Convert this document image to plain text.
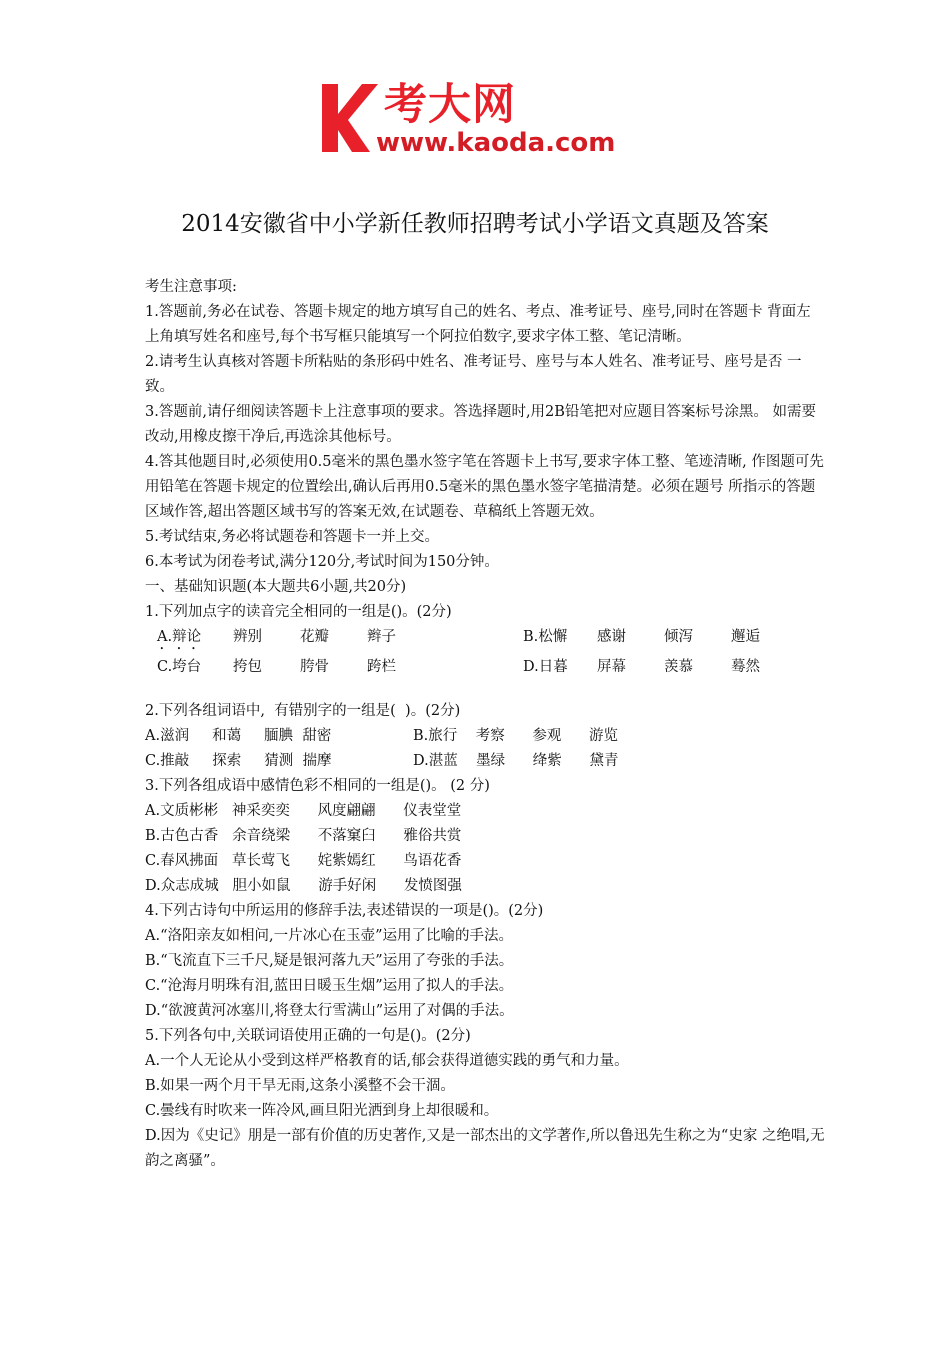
考大网
www.kaoda.com
2014安徽省中小学新任教师招聘考试小学语文真题及答案
考生注意事项:
1.答题前,务必在试卷、答题卡规定的地方填写自己的姓名、考点、准考证号、座号,同时在答题卡 背面左上角填写姓名和座号,每个书写框只能填写一个阿拉伯数字,要求字体工整、笔记清晰。
2.请考生认真核对答题卡所粘贴的条形码中姓名、准考证号、座号与本人姓名、准考证号、座号是否 一致。
3.答题前,请仔细阅读答题卡上注意事项的要求。答选择题时,用2B铅笔把对应题目答案标号涂黑。 如需要改动,用橡皮擦干净后,再选涂其他标号。
4.答其他题目时,必须使用0.5毫米的黑色墨水签字笔在答题卡上书写,要求字体工整、笔迹清晰, 作图题可先用铅笔在答题卡规定的位置绘出,确认后再用0.5毫米的黑色墨水签字笔描清楚。必须在题号 所指示的答题区域作答,超出答题区域书写的答案无效,在试题卷、草稿纸上答题无效。
5.考试结束,务必将试题卷和答题卡一并上交。
6.本考试为闭卷考试,满分120分,考试时间为150分钟。
一、基础知识题(本大题共6小题,共20分)
1.下列加点字的读音完全相同的一组是()。(2分)
A.辩论 辨别	花瓣	辫子	B.松懈 感谢	倾泻	邂逅
C.垮台 挎包	胯骨	跨栏	D.日暮 屏幕	羡慕	蓦然
2.下列各组词语中,  有错别字的一组是(  )。(2分)
A.滋润     和蔼     腼腆  甜密	B.旅行    考察      参观      游览
C.推敲     探索     猜测  揣摩	D.湛蓝    墨绿      绛紫      黛青
3.下列各组成语中感情色彩不相同的一组是()。 (2 分)
A.文质彬彬   神采奕奕      风度翩翩      仪表堂堂
B.古色古香   余音绕梁      不落窠臼      雅俗共赏
C.春风拂面   草长莺飞      姹紫嫣红      鸟语花香
D.众志成城   胆小如鼠      游手好闲      发愤图强
4.下列古诗句中所运用的修辞手法,表述错误的一项是()。(2分)
A.“洛阳亲友如相问,一片冰心在玉壶”运用了比喻的手法。
B.“飞流直下三千尺,疑是银河落九天”运用了夸张的手法。
C.“沧海月明珠有泪,蓝田日暖玉生烟”运用了拟人的手法。
D.“欲渡黄河冰塞川,将登太行雪满山”运用了对偶的手法。
5.下列各句中,关联词语使用正确的一句是()。(2分)
A.一个人无论从小受到这样严格教育的话,郁会获得道德实践的勇气和力量。
B.如果一两个月干旱无雨,这条小溪整不会干涸。
C.曇线有时吹来一阵冷风,画旦阳光洒到身上却很暖和。
D.因为《史记》朋是一部有价值的历史著作,又是一部杰出的文学著作,所以鲁迅先生称之为“史家 之绝唱,无韵之离骚”。
